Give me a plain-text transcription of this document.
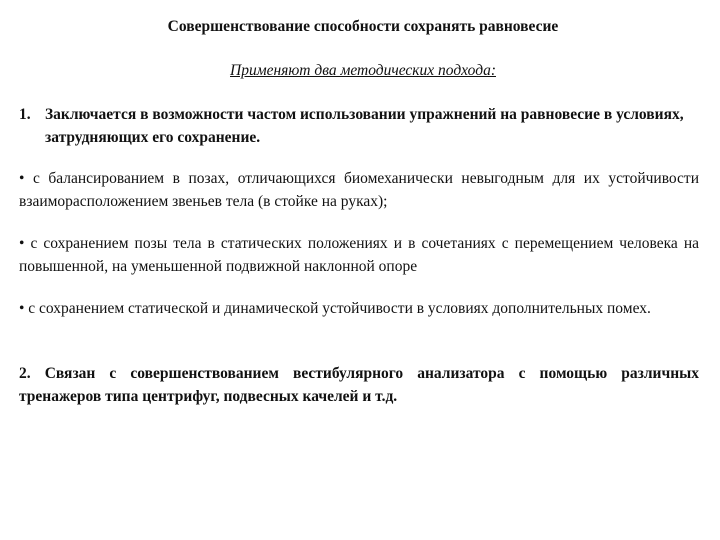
Совершенствование способности сохранять равновесие
Применяют два методических подхода:
1. Заключается в возможности частом использовании упражнений на равновесие в условиях, затрудняющих его сохранение.
• с балансированием в позах, отличающихся биомеханически невыгодным для их устойчивости взаиморасположением звеньев тела (в стойке на руках);
• с сохранением позы тела в статических положениях и в сочетаниях с перемещением человека на повышенной, на уменьшенной подвижной наклонной опоре
• с сохранением статической и динамической устойчивости в условиях дополнительных помех.
2. Связан с совершенствованием вестибулярного анализатора с помощью различных тренажеров типа центрифуг, подвесных качелей и т.д.
